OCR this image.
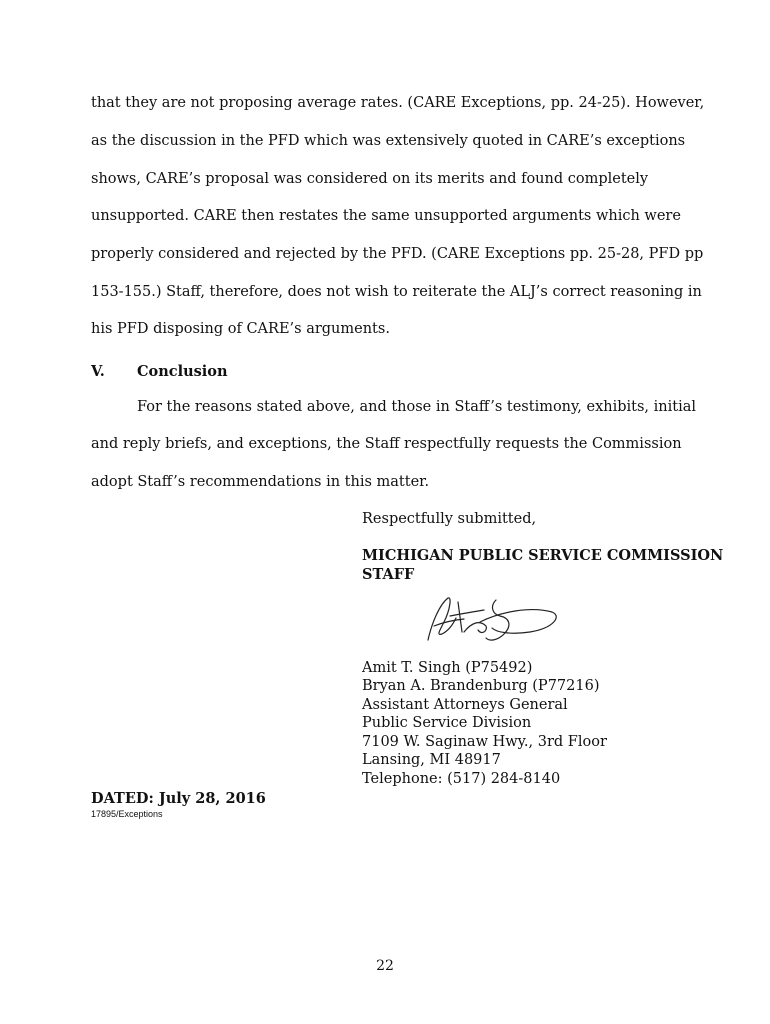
that they are not proposing average rates. (CARE Exceptions, pp. 24-25). However,
as the discussion in the PFD which was extensively quoted in CARE’s exceptions
shows, CARE’s proposal was considered on its merits and found completely
unsupported. CARE then restates the same unsupported arguments which were
properly considered and rejected by the PFD. (CARE Exceptions pp. 25-28, PFD pp
153-155.) Staff, therefore, does not wish to reiterate the ALJ’s correct reasoning in
his PFD disposing of CARE’s arguments.
V. Conclusion
For the reasons stated above, and those in Staff’s testimony, exhibits, initial
and reply briefs, and exceptions, the Staff respectfully requests the Commission
adopt Staff’s recommendations in this matter.
Respectfully submitted,
MICHIGAN PUBLIC SERVICE COMMISSION
STAFF
Amit T. Singh (P75492)
Bryan A. Brandenburg (P77216)
Assistant Attorneys General
Public Service Division
7109 W. Saginaw Hwy., 3rd Floor
Lansing, MI 48917
Telephone: (517) 284-8140
DATED: July 28, 2016
17895/Exceptions
22
